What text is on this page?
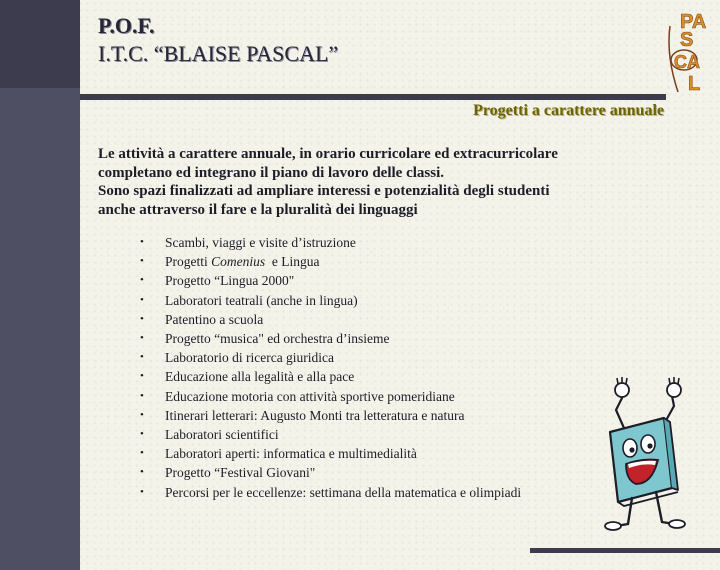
P.O.F.
I.T.C. “BLAISE PASCAL”
PA
S
CA
L
Progetti a carattere annuale
Le attività a carattere annuale, in orario curricolare ed extracurricolare
completano ed integrano il piano di lavoro delle classi.
Sono spazi finalizzati ad ampliare interessi e potenzialità degli studenti
anche attraverso il fare e la pluralità dei linguaggi
• Scambi, viaggi e visite d’istruzione
• Progetti Comenius  e Lingua
• Progetto “Lingua 2000"
• Laboratori teatrali (anche in lingua)
• Patentino a scuola
• Progetto “musica" ed orchestra d’insieme
• Laboratorio di ricerca giuridica
• Educazione alla legalità e alla pace
• Educazione motoria con attività sportive pomeridiane
• Itinerari letterari: Augusto Monti tra letteratura e natura
• Laboratori scientifici
• Laboratori aperti: informatica e multimedialità
• Progetto “Festival Giovani"
• Percorsi per le eccellenze: settimana della matematica e olimpiadi
